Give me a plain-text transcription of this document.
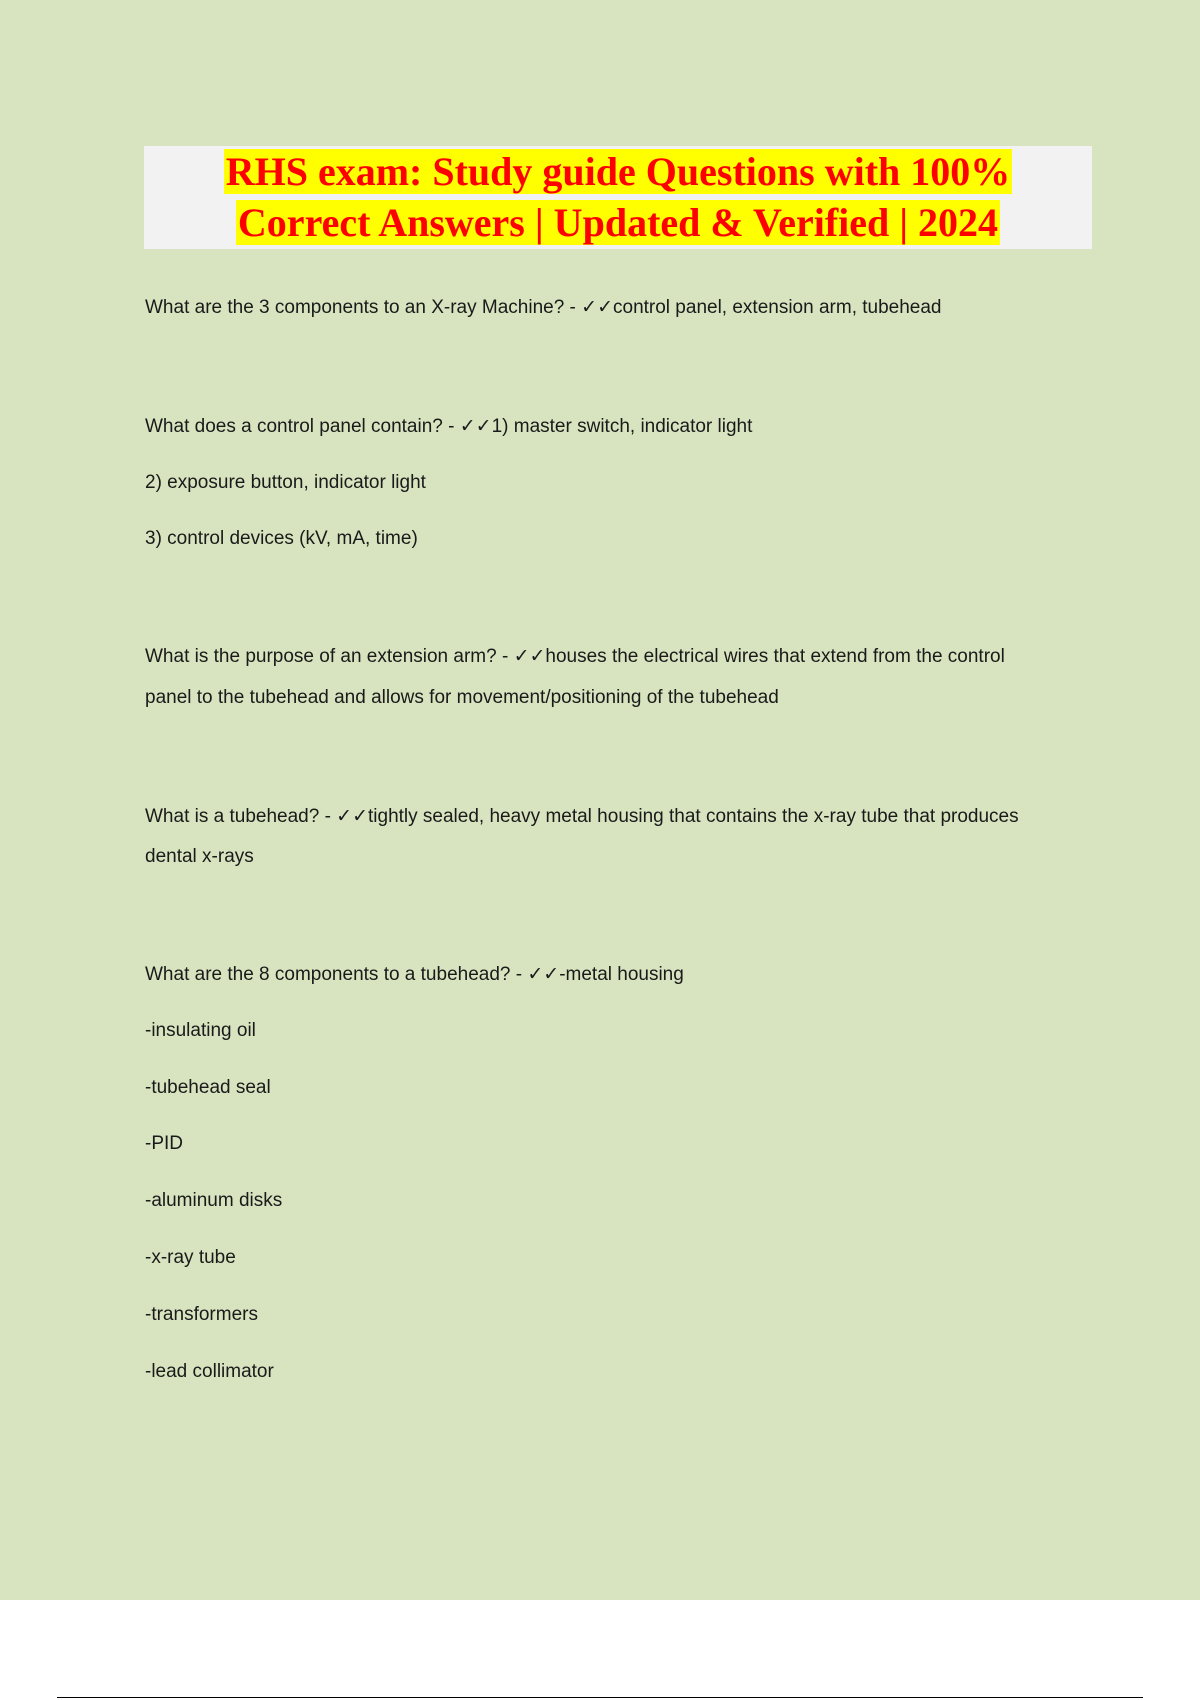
RHS exam: Study guide Questions with 100%
Correct Answers | Updated & Verified | 2024
What are the 3 components to an X-ray Machine? - ✓✓control panel, extension arm, tubehead
What does a control panel contain? - ✓✓1) master switch, indicator light
2) exposure button, indicator light
3) control devices (kV, mA, time)
What is the purpose of an extension arm? - ✓✓houses the electrical wires that extend from the control
panel to the tubehead and allows for movement/positioning of the tubehead
What is a tubehead? - ✓✓tightly sealed, heavy metal housing that contains the x-ray tube that produces
dental x-rays
What are the 8 components to a tubehead? - ✓✓-metal housing
-insulating oil
-tubehead seal
-PID
-aluminum disks
-x-ray tube
-transformers
-lead collimator
